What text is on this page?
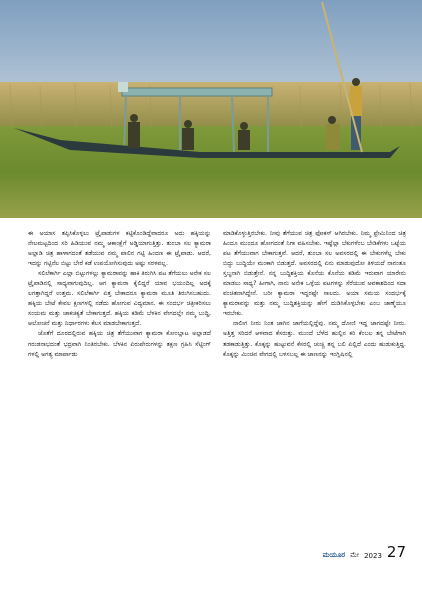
ಈ ಅಯಾಸ ತಪ್ಪಿಸಿಕೊಳ್ಳಲು ಟ್ರೈಪಾಡುಗಳ ಕಟ್ಟಿಕೊಂಡಿದ್ದೆವಾದರೂ ಅದು ಹಕ್ಕಿಯನ್ನು ನೇಲಮಟ್ಟದಿಂದ ಸರಿ ಹಿಡಿಯುವ ನಮ್ಮ ಆಕಾಂಕ್ಷೆಗೆ ಅಡ್ಡಿಯಾಗುತ್ತಿತ್ತು. ತುಂಬಾ ಸಲ ಕ್ಯಾಮರಾ ಅಲ್ಲಾಡಿ ಚಿತ್ರ ಹಾಳಾಗದಂತೆ ತಡೆಯುವ ನಮ್ಮ ಪಾಲಿನ ಗಟ್ಟಿ ಹಿಂದಣ ಈ ಟ್ರೈಪಾಡು. ಆದರೆ, ಇದನ್ನು ಗಟ್ಟಿನೆಲ ಬಿಟ್ಟು ಬೇರೆ ಕಡೆ ಉಪಯೋಗಿಸುವುದು ಅಷ್ಟು ಸರಳವಲ್ಲ.

ಸಲಿಲೆಕಾರ್ಗಿ ಎಲ್ಲಾ ಬಿಟ್ಟುಗಳಲ್ಲು ಕ್ಯಾಮರಾವನ್ನು ಹಾಕಿ ತಿರುಗಿಸಿ ಪಟ ತೆಗೆಯಲು ಅನೇಕ ಸಲ ಟ್ರೈಪಾಡಿನಲ್ಲಿ ಸಾಧ್ಯವಾಗುವುದಿಲ್ಲ. ಆಗ ಕ್ಯಾಮರಾ ಕೈಲಿದ್ದರೆ ಯಾವ ಭಯಂದಿಲ್ಲ ಅದಕ್ಕೆ ಲಗತ್ತಾಗಿದ್ದರೆ ಉತ್ತಮ. ಸಲಿಲೆಕಾರ್ಗಿ ಏತ್ತ ಬೇಕಾದರೂ ಕ್ಯಾಮರಾ ಮೂತಿ ತಿರುಗಿಸಬಹುದು. ಹಕ್ಕಿಯ ಬೇಟೆ ಕೇವಲ ಕ್ಷಣಗಳಲ್ಲಿ ನಡೆದು ಹೋಗುವ ವಿದ್ಯಮಾನ. ಈ ಸಂದರ್ಭ ಚಿತ್ರೀಕರಿಸಲು ಸಂಯಮ ಮತ್ತು ಚಾಕಚಕ್ಯತೆ ಬೇಕಾಗುತ್ತದೆ. ಹಕ್ಕಿಯ ಕಡಿಮೆ ಬೆಳಕಿನ ವೇಗದಲ್ಲೇ ನಮ್ಮ ಬುದ್ಧಿ, ಆಲೋಚನೆ ಮತ್ತು ನಿರ್ಧಾರಗಳು ಕೆಲಸ ಮಾಡಬೇಕಾಗುತ್ತದೆ.

ಜೊತೆಗೆ ದೂರದಲ್ಲಿರುವ ಹಕ್ಕಿಯ ಚಿತ್ರ ತೆಗೆಯುವಾಗ ಕ್ಯಾಮರಾ ಕೋಂಬ್ಲಾಟ ಅಲ್ಲಾಡದೆ ಗರುಡನಾಭದಂತೆ ಭದ್ರವಾಗಿ ನಿಂತಿರಬೇಕು. ಬೆಳಕಿನ ಏರುಪೇರುಗಳನ್ನು ತಕ್ಷಣ ಗ್ರಹಿಸಿ ಸೆಟ್ಟಿಂಗ್ ಗಳಲ್ಲಿ ಅಗತ್ಯ ಮಾರ್ಪಾಡು

ಮಾಡಿಕೊಳ್ಳುತ್ತಿರಬೇಕು. ನೀವು ತೆಗೆಯುವ ಚಿತ್ರ ಫೋಕಸ್ ಆಗಿರಬೇಕು. ನಿಮ್ಮ ಫ್ರೇಮಿನಿಂದ ಚಿತ್ರ ಹಿಂದೂ ಮುಂದೂ ಹೋಗದಂತೆ ನಿಗಾ ವಹಿಸಬೇಕು. ಇಷ್ಟೆಲ್ಲಾ ಬೆಕುಗಳೆಂಬ ಬೇಡಿಕೆಗಳು ಒಟ್ಟೆಯ ಪಟ ತೆಗೆಯುವಾಗ ಬೇಕಾಗುತ್ತವೆ. ಆದರೆ, ತುಂಬಾ ಸಲ ಅವಸರದಲ್ಲಿ ಈ ಬೇಕುಗಳೆಲ್ಲ ಬೇಕು ಬಿದ್ದು ಬುದ್ಧಿಯೇ ಮಂಕಾಗಿ ಬಿಡುತ್ತದೆ. ಅವಸರದಲ್ಲಿ ಏನು ಮಾಡುವುದೋ ತಿಳಿಯದೆ ನಾನಂತೂ ಸ್ತಬ್ಧನಾಗಿ ಬಿಡುತ್ತೇನೆ. ನನ್ನ ಬುದ್ಧಿಶಕ್ತಿಯ ಕೊನೆಯ ಕೊನೆಯ ಕಡಿಮೆ ಇರುವಾಗ ಯಾರೇನು ಮಾಡಲು ಸಾಧ್ಯ? ಹೀಗಾಗಿ, ನಾನು ಅನೇಕ ಒಳ್ಳೆಯ ಪಟಗಳನ್ನು ಸೆರೆಯುವ ಅವಕಾಶದಿಂದ ಸದಾ ವಂಚಿತನಾಗಿದ್ದೇನೆ. ಬರೀ ಕ್ಯಾಮರಾ ಇದ್ದರಷ್ಟೇ ಸಾಲದು. ಅಯಾ ಸಮಯ ಸಂದರ್ಭಕ್ಕೆ ಕ್ಯಾಮರಾವನ್ನು ಮತ್ತು ನಮ್ಮ ಬುದ್ಧಿಶಕ್ತಿಯನ್ನು ಹೇಗೆ ದುಡಿಸಿಕೊಳ್ಳಬೇಕು ಎಂಬ ಜಾಣ್ಮೆಯೂ ಇರಬೇಕು.

ನಾಲೀಗ ನೀರು ನಿಂತ ಜಾಗಿನ ಜಾಗೆಯಲ್ಲಿದ್ದೆವು. ನಮ್ಮ ದೋಣಿ ಇದ್ದ ಜಾಗದಷ್ಟೇ ನೀರು. ಅತ್ತಿತ್ತ ಸರಿದರೆ ಆಳವಾದ ಕೆಸರುತ್ತು. ಮುಂದೆ ಬೆಳೆದ ಹುಲ್ಲಿನ ಕರಿ ಕೆಂಬಲ ತನ್ನ ಬೇಟೆಗಾಗಿ ತಡಕಾಡುತ್ತಿತ್ತು. ಕೊಕ್ಕನ್ನು ಹುಟ್ಟುವನೆ ಕೆಸರಲ್ಲಿ ಚುಚ್ಚಿ ತನ್ನ ಬಲಿ ಏಲ್ಲಿದೆ ಎಂದು ಹುಡುಕುತ್ತಿದ್ದ. ಕೊಕ್ಕನ್ನು ಮಿಂಚಿನ ವೇಗದಲ್ಲಿ ಬಳಸಬಲ್ಲ ಈ ಜಾಣನನ್ನು ಇಂಗ್ಲಿಷಿನಲ್ಲಿ

ಮಯೂರ ಮೇ 2023 27
